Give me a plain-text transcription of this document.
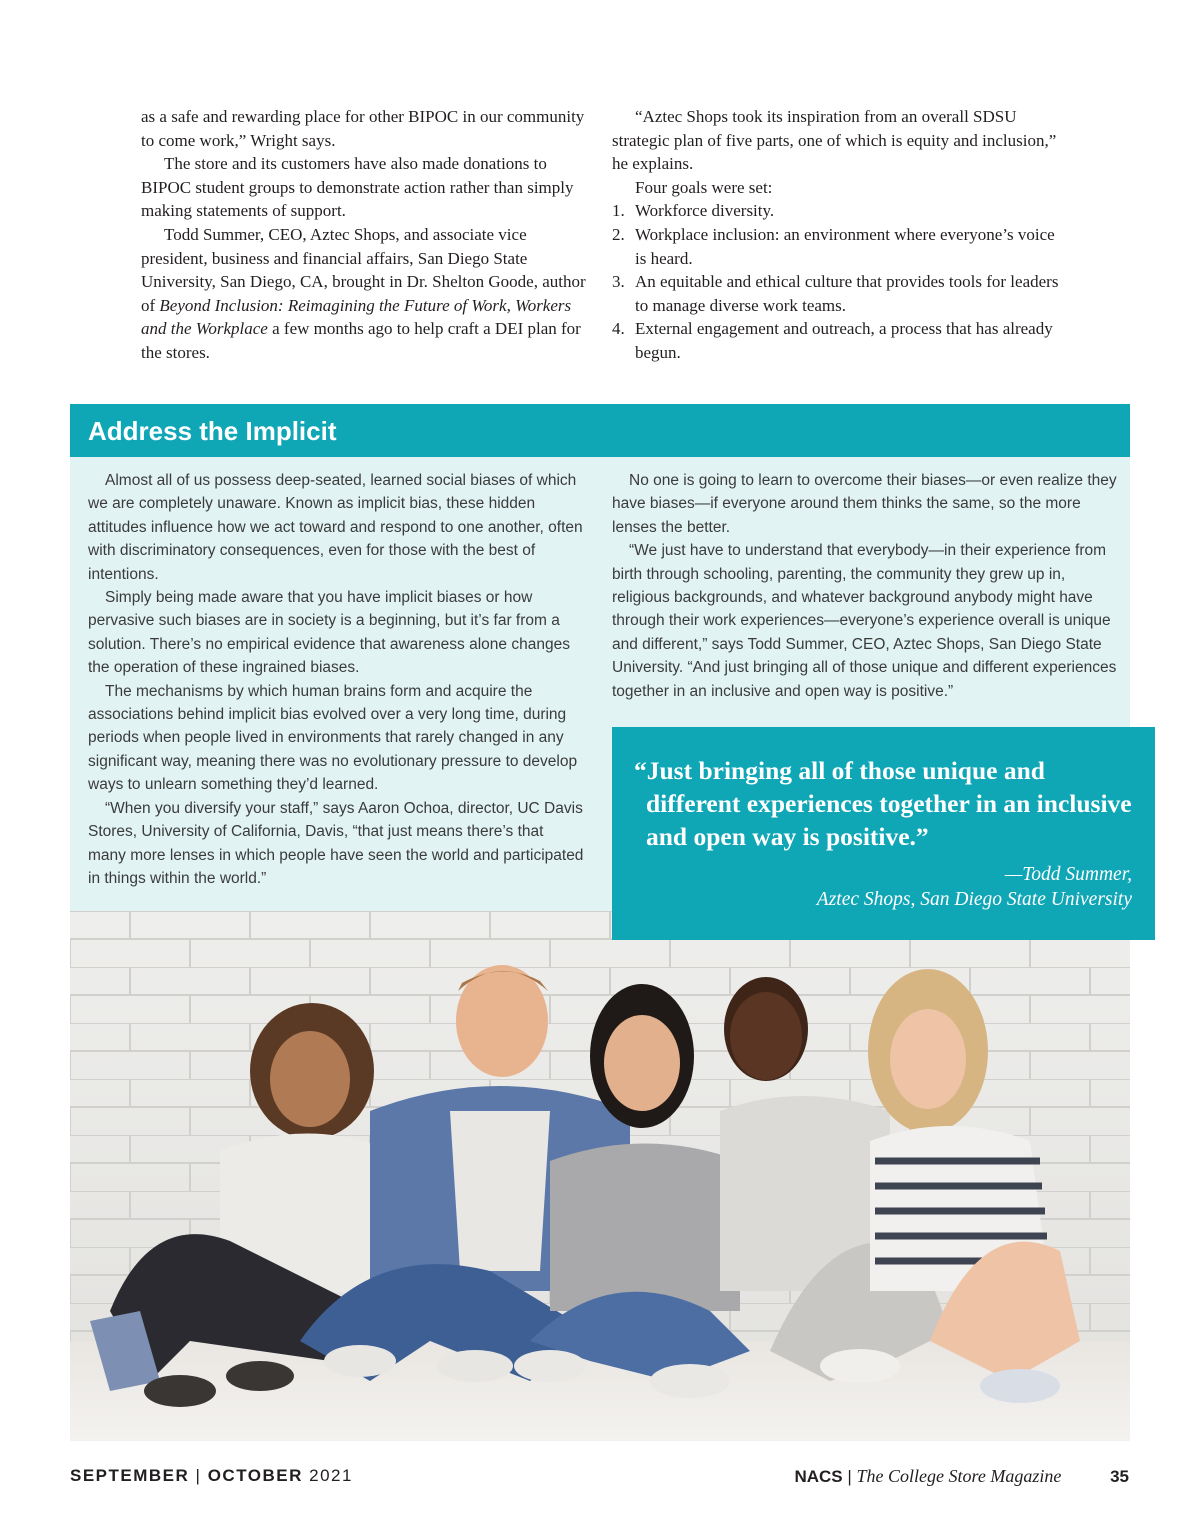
as a safe and rewarding place for other BIPOC in our community to come work,” Wright says.

The store and its customers have also made donations to BIPOC student groups to demonstrate action rather than simply making statements of support.

Todd Summer, CEO, Aztec Shops, and associate vice president, business and financial affairs, San Diego State University, San Diego, CA, brought in Dr. Shelton Goode, author of Beyond Inclusion: Reimagining the Future of Work, Workers and the Workplace a few months ago to help craft a DEI plan for the stores.

“Aztec Shops took its inspiration from an overall SDSU strategic plan of five parts, one of which is equity and inclusion,” he explains.

Four goals were set:

1. Workforce diversity.
2. Workplace inclusion: an environment where everyone’s voice is heard.
3. An equitable and ethical culture that provides tools for leaders to manage diverse work teams.
4. External engagement and outreach, a process that has already begun.
Address the Implicit

Almost all of us possess deep-seated, learned social biases of which we are completely unaware. Known as implicit bias, these hidden attitudes influence how we act toward and respond to one another, often with discriminatory consequences, even for those with the best of intentions.

Simply being made aware that you have implicit biases or how pervasive such biases are in society is a beginning, but it’s far from a solution. There’s no empirical evidence that awareness alone changes the operation of these ingrained biases.

The mechanisms by which human brains form and acquire the associations behind implicit bias evolved over a very long time, during periods when people lived in environments that rarely changed in any significant way, meaning there was no evolutionary pressure to develop ways to unlearn something they’d learned.

“When you diversify your staff,” says Aaron Ochoa, director, UC Davis Stores, University of California, Davis, “that just means there’s that many more lenses in which people have seen the world and participated in things within the world.”

No one is going to learn to overcome their biases—or even realize they have biases—if everyone around them thinks the same, so the more lenses the better.

“We just have to understand that everybody—in their experience from birth through schooling, parenting, the community they grew up in, religious backgrounds, and whatever background anybody might have through their work experiences—everyone’s experience overall is unique and different,” says Todd Summer, CEO, Aztec Shops, San Diego State University. “And just bringing all of those unique and different experiences together in an inclusive and open way is positive.”

“Just bringing all of those unique and different experiences together in an inclusive and open way is positive.”
—Todd Summer,
Aztec Shops, San Diego State University
SEPTEMBER | OCTOBER 2021	NACS | The College Store Magazine	35
